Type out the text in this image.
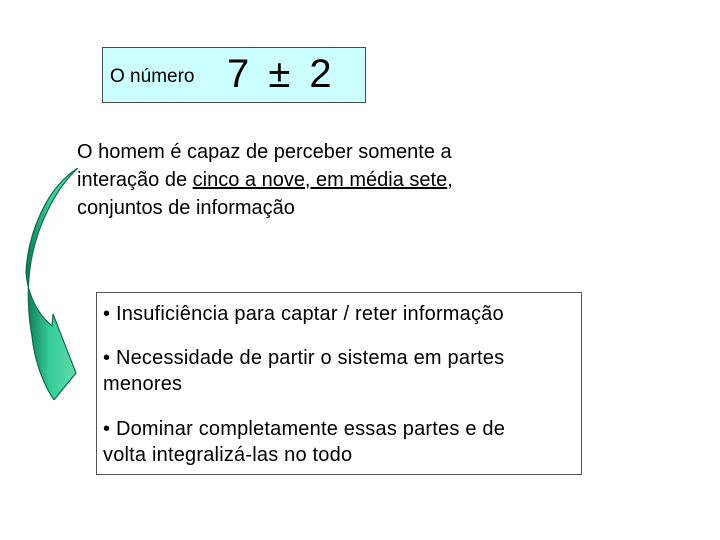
O número 7 ± 2
O homem é capaz de perceber somente a
interação de cinco a nove, em média sete,
conjuntos de informação
• Insuficiência para captar / reter informação
• Necessidade de partir o sistema em partes
menores
• Dominar completamente essas partes e de
volta integralizá-las no todo
